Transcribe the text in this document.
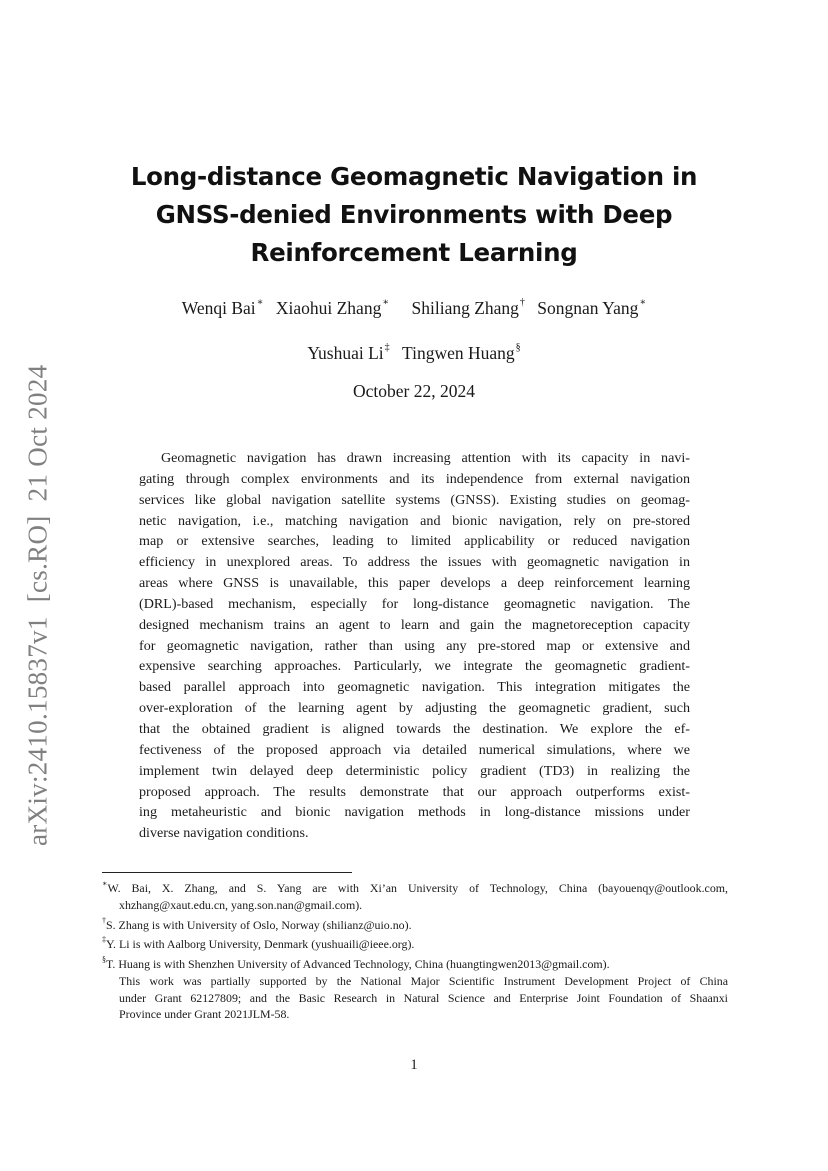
arXiv:2410.15837v1  [cs.RO]  21 Oct 2024
Long-distance Geomagnetic Navigation in
GNSS-denied Environments with Deep
Reinforcement Learning
Wenqi Bai∗ Xiaohui Zhang∗ Shiliang Zhang† Songnan Yang∗
Yushuai Li‡ Tingwen Huang§
October 22, 2024
Geomagnetic navigation has drawn increasing attention with its capacity in navi-
gating through complex environments and its independence from external navigation
services like global navigation satellite systems (GNSS). Existing studies on geomag-
netic navigation, i.e., matching navigation and bionic navigation, rely on pre-stored
map or extensive searches, leading to limited applicability or reduced navigation
efficiency in unexplored areas. To address the issues with geomagnetic navigation in
areas where GNSS is unavailable, this paper develops a deep reinforcement learning
(DRL)-based mechanism, especially for long-distance geomagnetic navigation. The
designed mechanism trains an agent to learn and gain the magnetoreception capacity
for geomagnetic navigation, rather than using any pre-stored map or extensive and
expensive searching approaches. Particularly, we integrate the geomagnetic gradient-
based parallel approach into geomagnetic navigation. This integration mitigates the
over-exploration of the learning agent by adjusting the geomagnetic gradient, such
that the obtained gradient is aligned towards the destination. We explore the ef-
fectiveness of the proposed approach via detailed numerical simulations, where we
implement twin delayed deep deterministic policy gradient (TD3) in realizing the
proposed approach. The results demonstrate that our approach outperforms exist-
ing metaheuristic and bionic navigation methods in long-distance missions under
diverse navigation conditions.
∗W. Bai, X. Zhang, and S. Yang are with Xi’an University of Technology, China (bayouenqy@outlook.com,
xhzhang@xaut.edu.cn, yang.son.nan@gmail.com).
†S. Zhang is with University of Oslo, Norway (shilianz@uio.no).
‡Y. Li is with Aalborg University, Denmark (yushuaili@ieee.org).
§T. Huang is with Shenzhen University of Advanced Technology, China (huangtingwen2013@gmail.com).
This work was partially supported by the National Major Scientific Instrument Development Project of China
under Grant 62127809; and the Basic Research in Natural Science and Enterprise Joint Foundation of Shaanxi
Province under Grant 2021JLM-58.
1
